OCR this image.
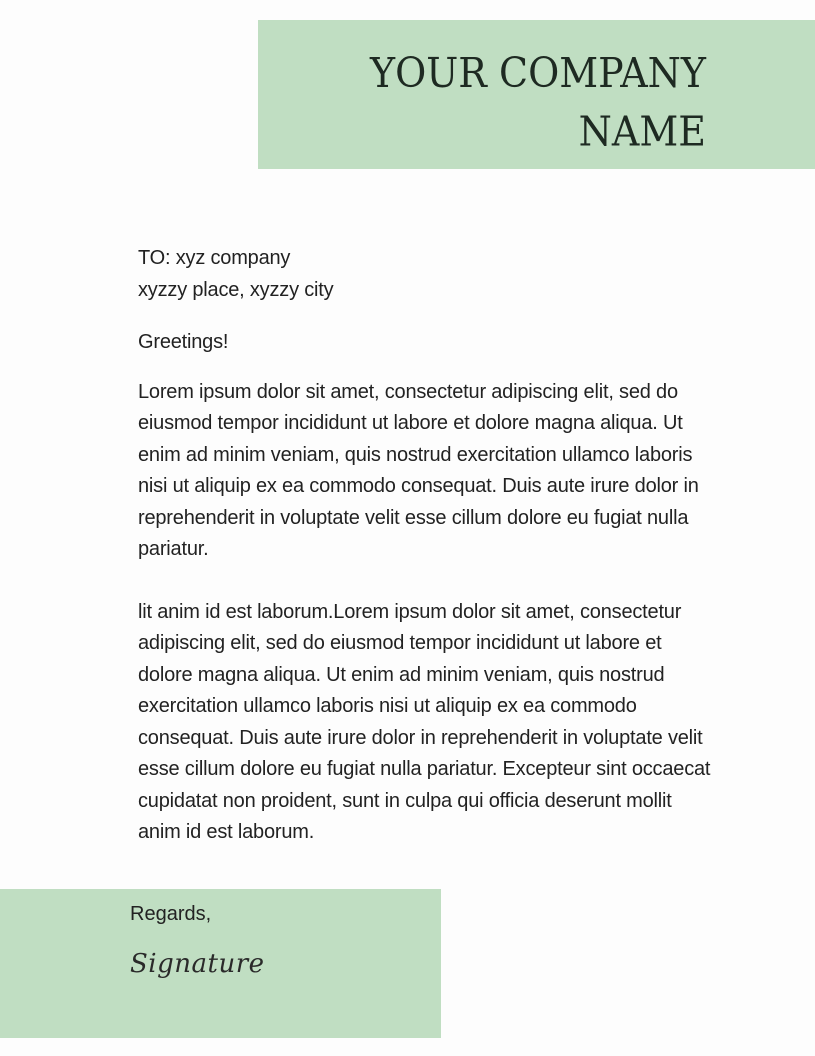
YOUR COMPANY
NAME

TO: xyz company
xyzzy place, xyzzy city

Greetings!

Lorem ipsum dolor sit amet, consectetur adipiscing elit, sed do eiusmod tempor incididunt ut labore et dolore magna aliqua. Ut enim ad minim veniam, quis nostrud exercitation ullamco laboris nisi ut aliquip ex ea commodo consequat. Duis aute irure dolor in reprehenderit in voluptate velit esse cillum dolore eu fugiat nulla pariatur.

lit anim id est laborum.Lorem ipsum dolor sit amet, consectetur adipiscing elit, sed do eiusmod tempor incididunt ut labore et dolore magna aliqua. Ut enim ad minim veniam, quis nostrud exercitation ullamco laboris nisi ut aliquip ex ea commodo consequat. Duis aute irure dolor in reprehenderit in voluptate velit esse cillum dolore eu fugiat nulla pariatur. Excepteur sint occaecat cupidatat non proident, sunt in culpa qui officia deserunt mollit anim id est laborum.

Regards,

Signature
